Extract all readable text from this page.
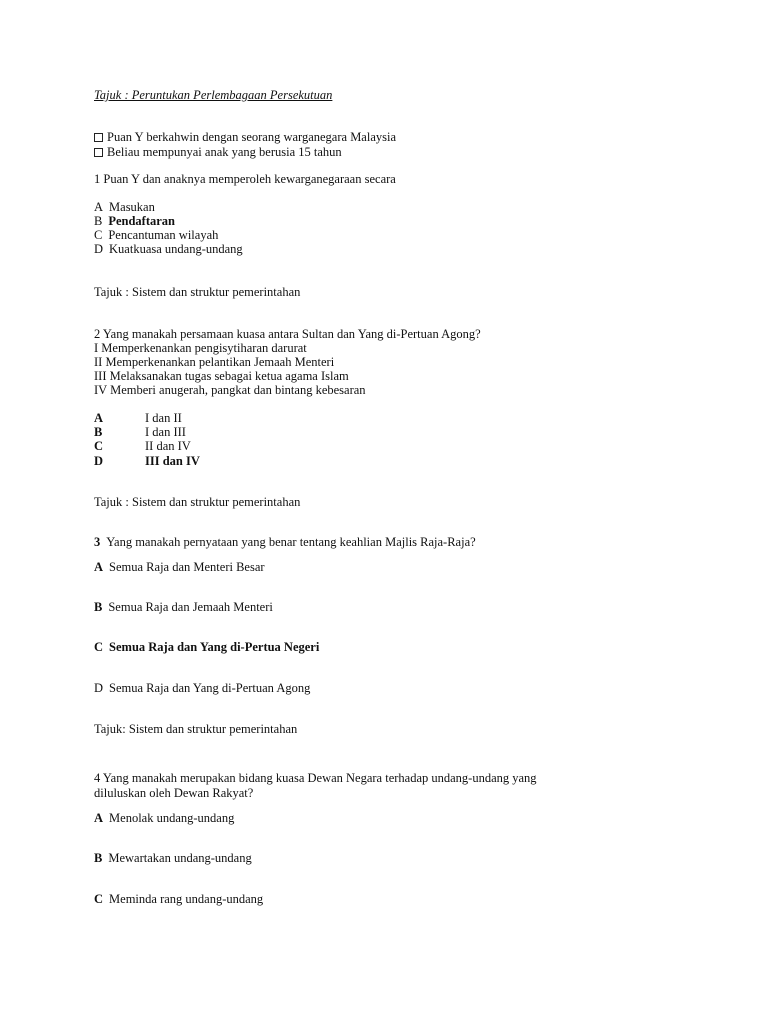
Tajuk : Peruntukan Perlembagaan Persekutuan
Puan Y berkahwin dengan seorang warganegara Malaysia
Beliau mempunyai anak yang berusia 15 tahun
1 Puan Y dan anaknya memperoleh kewarganegaraan secara
A Masukan
B Pendaftaran
C Pencantuman wilayah
D Kuatkuasa undang-undang
Tajuk : Sistem dan struktur pemerintahan
2 Yang manakah persamaan kuasa antara Sultan dan Yang di-Pertuan Agong?
I Memperkenankan pengisytiharan darurat
II Memperkenankan pelantikan Jemaah Menteri
III Melaksanakan tugas sebagai ketua agama Islam
IV Memberi anugerah, pangkat dan bintang kebesaran
A	I dan II
B	I dan III
C	II dan IV
D	III dan IV
Tajuk : Sistem dan struktur pemerintahan
3 Yang manakah pernyataan yang benar tentang keahlian Majlis Raja-Raja?
A Semua Raja dan Menteri Besar
B Semua Raja dan Jemaah Menteri
C Semua Raja dan Yang di-Pertua Negeri
D Semua Raja dan Yang di-Pertuan Agong
Tajuk: Sistem dan struktur pemerintahan
4 Yang manakah merupakan bidang kuasa Dewan Negara terhadap undang-undang yang
diluluskan oleh Dewan Rakyat?
A Menolak undang-undang
B Mewartakan undang-undang
C Meminda rang undang-undang
